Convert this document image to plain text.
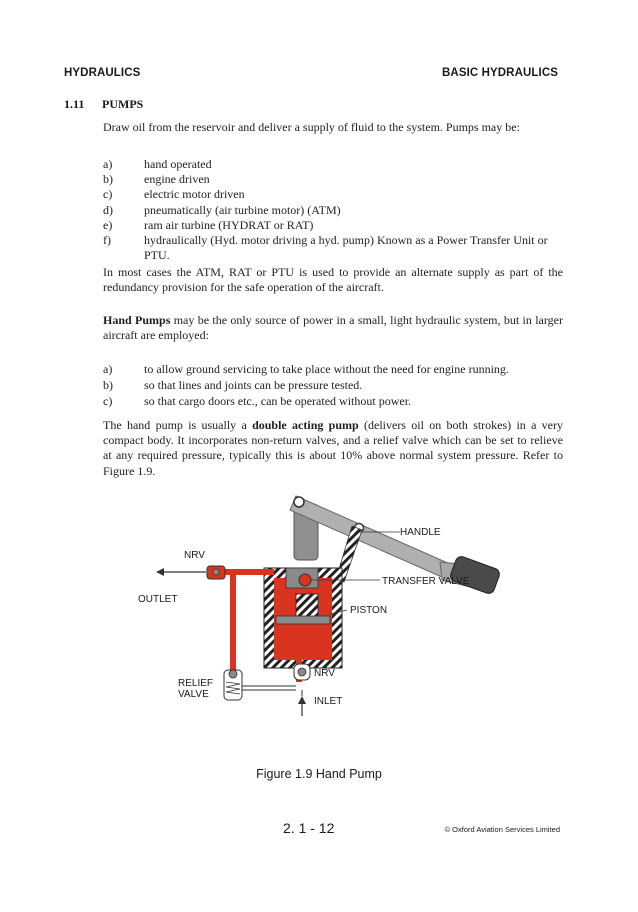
HYDRAULICS	BASIC HYDRAULICS
1.11 PUMPS

Draw oil from the reservoir and deliver a supply of fluid to the system. Pumps may be:

a)	hand operated
b)	engine driven
c)	electric motor driven
d)	pneumatically (air turbine motor) (ATM)
e)	ram air turbine (HYDRAT or RAT)
f)	hydraulically (Hyd. motor driving a hyd. pump) Known as a Power Transfer Unit or PTU.

In most cases the ATM, RAT or PTU is used to provide an alternate supply as part of the redundancy provision for the safe operation of the aircraft.

Hand Pumps may be the only source of power in a small, light hydraulic system, but in larger aircraft are employed:

a)	to allow ground servicing to take place without the need for engine running.
b)	so that lines and joints can be pressure tested.
c)	so that cargo doors etc., can be operated without power.

The hand pump is usually a double acting pump (delivers oil on both strokes) in a very compact body. It incorporates non-return valves, and a relief valve which can be set to relieve at any required pressure, typically this is about 10% above normal system pressure. Refer to Figure 1.9.

HANDLE
NRV
TRANSFER VALVE
OUTLET
PISTON
NRV
RELIEF
VALVE
INLET
Figure 1.9 Hand Pump
2. 1 - 12	© Oxford Aviation Services Limited
